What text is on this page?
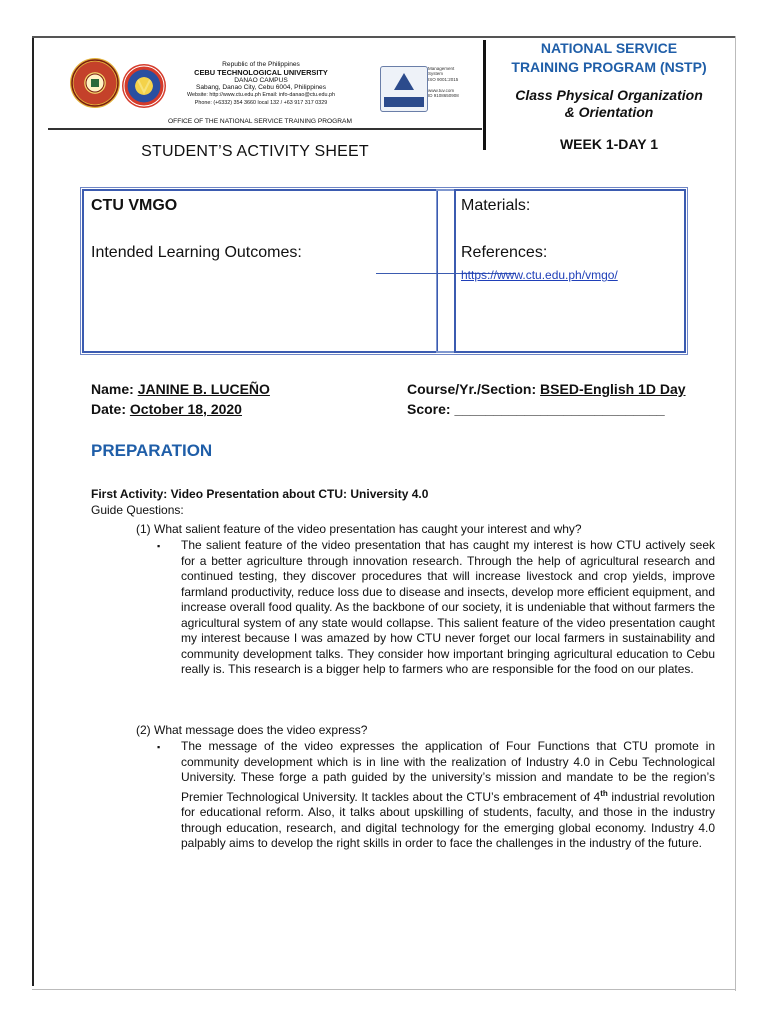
Republic of the Philippines
CEBU TECHNOLOGICAL UNIVERSITY
DANAO CAMPUS
Sabang, Danao City, Cebu 6004, Philippines
Website: http://www.ctu.edu.ph Email: info-danao@ctu.edu.ph
Phone: (+6332) 354 3660 local 132 / +63 917 317 0329
OFFICE OF THE NATIONAL SERVICE TRAINING PROGRAM
Management
System
ISO 9001:2015

www.tuv.com
ID 9108650908
NATIONAL SERVICE
TRAINING PROGRAM (NSTP)
Class Physical Organization
& Orientation
WEEK 1-DAY 1
STUDENT’S ACTIVITY SHEET
CTU VMGO
Intended Learning Outcomes:
Materials:
References:
https://www.ctu.edu.ph/vmgo/
Name: JANINE B. LUCEÑO
Date: October 18, 2020
Course/Yr./Section: BSED-English 1D Day
Score: ___________________________
PREPARATION
First Activity: Video Presentation about CTU: University 4.0
Guide Questions:
(1) What salient feature of the video presentation has caught your interest and why?
▪ The salient feature of the video presentation that has caught my interest is how CTU actively seek for a better agriculture through innovation research. Through the help of agricultural research and continued testing, they discover procedures that will increase livestock and crop yields, improve farmland productivity, reduce loss due to disease and insects, develop more efficient equipment, and increase overall food quality. As the backbone of our society, it is undeniable that without farmers the agricultural system of any state would collapse. This salient feature of the video presentation caught my interest because I was amazed by how CTU never forget our local farmers in sustainability and community development talks. They consider how important bringing agricultural education to Cebu really is. This research is a bigger help to farmers who are responsible for the food on our plates.
(2) What message does the video express?
▪ The message of the video expresses the application of Four Functions that CTU promote in community development which is in line with the realization of Industry 4.0 in Cebu Technological University. These forge a path guided by the university’s mission and mandate to be the region’s Premier Technological University. It tackles about the CTU’s embracement of 4th industrial revolution for educational reform. Also, it talks about upskilling of students, faculty, and those in the industry through education, research, and digital technology for the emerging global economy. Industry 4.0 palpably aims to develop the right skills in order to face the challenges in the industry of the future.
